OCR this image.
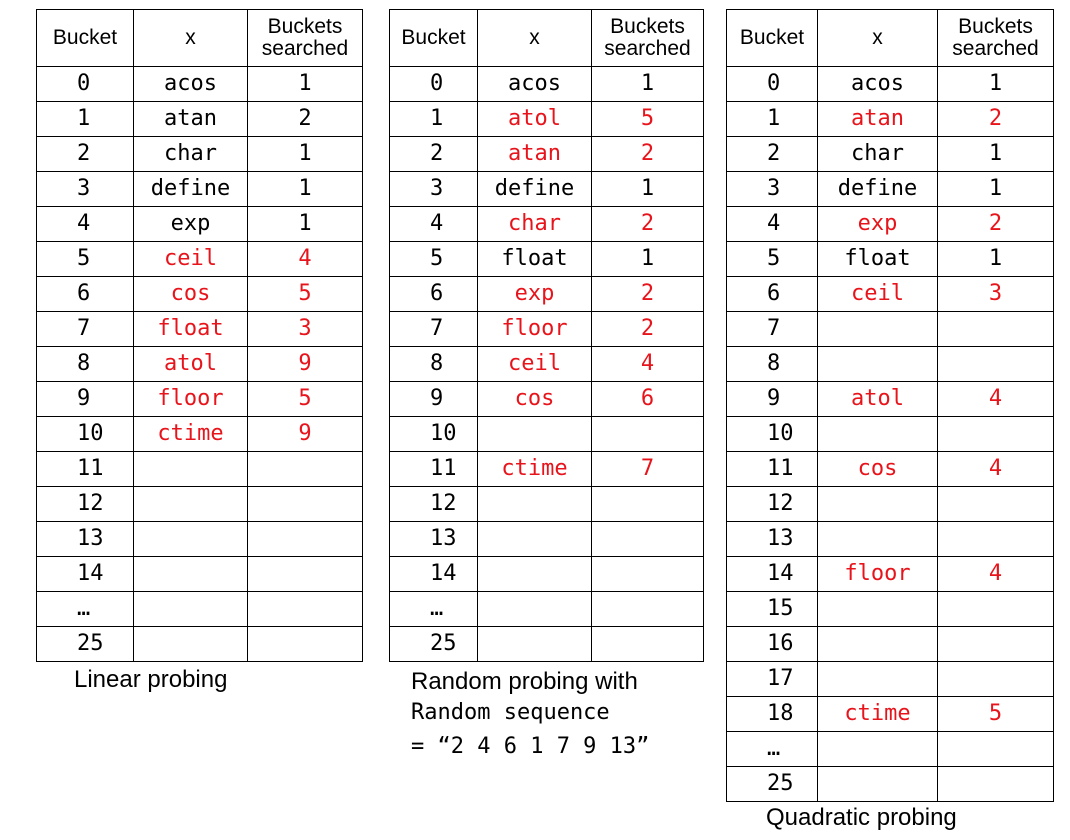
Bucket	x	Buckets
searched
0	acos	1
1	atan	2
2	char	1
3	define	1
4	exp	1
5	ceil	4
6	cos	5
7	float	3
8	atol	9
9	floor	5
10	ctime	9
11		
12		
13		
14		
…		
25		
Linear probing
Bucket	x	Buckets
searched
0	acos	1
1	atol	5
2	atan	2
3	define	1
4	char	2
5	float	1
6	exp	2
7	floor	2
8	ceil	4
9	cos	6
10		
11	ctime	7
12		
13		
14		
…		
25		
Random probing with
Random sequence
= “2 4 6 1 7 9 13”
Bucket	x	Buckets
searched
0	acos	1
1	atan	2
2	char	1
3	define	1
4	exp	2
5	float	1
6	ceil	3
7		
8		
9	atol	4
10		
11	cos	4
12		
13		
14	floor	4
15		
16		
17		
18	ctime	5
…		
25		
Quadratic probing
